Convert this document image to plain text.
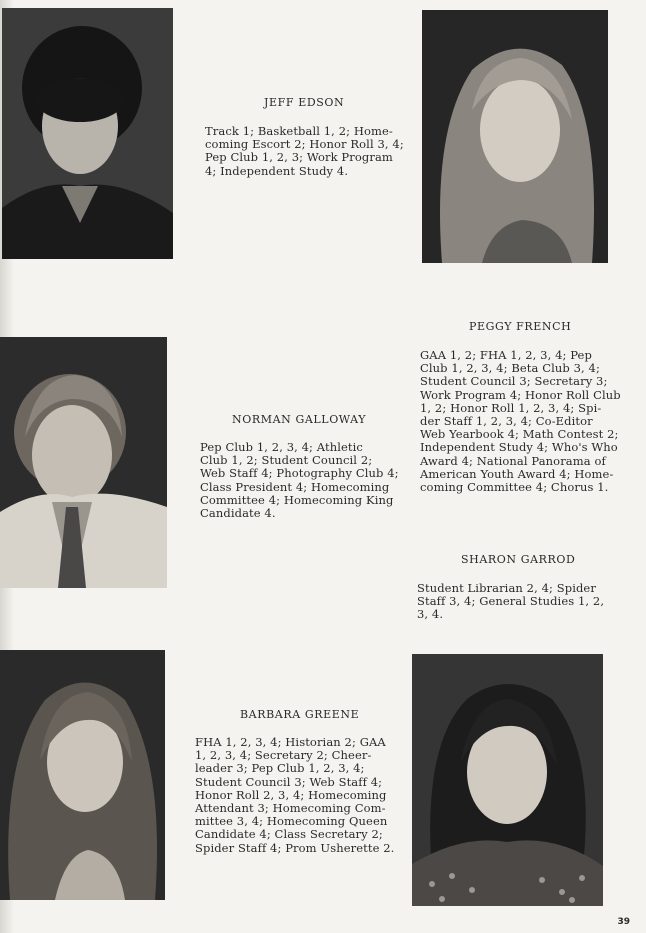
JEFF EDSON
Track 1; Basketball 1, 2; Home-
coming Escort 2; Honor Roll 3, 4;
Pep Club 1, 2, 3; Work Program
4; Independent Study 4.
PEGGY FRENCH
GAA 1, 2; FHA 1, 2, 3, 4; Pep
Club 1, 2, 3, 4; Beta Club 3, 4;
Student Council 3; Secretary 3;
Work Program 4; Honor Roll Club
1, 2; Honor Roll 1, 2, 3, 4; Spi-
der Staff 1, 2, 3, 4; Co-Editor
Web Yearbook 4; Math Contest 2;
Independent Study 4; Who's Who
Award 4; National Panorama of
American Youth Award 4; Home-
coming Committee 4; Chorus 1.
NORMAN GALLOWAY
Pep Club 1, 2, 3, 4; Athletic
Club 1, 2; Student Council 2;
Web Staff 4; Photography Club 4;
Class President 4; Homecoming
Committee 4; Homecoming King
Candidate 4.
SHARON GARROD
Student Librarian 2, 4; Spider
Staff 3, 4; General Studies 1, 2,
3, 4.
BARBARA GREENE
FHA 1, 2, 3, 4; Historian 2; GAA
1, 2, 3, 4; Secretary 2; Cheer-
leader 3; Pep Club 1, 2, 3, 4;
Student Council 3; Web Staff 4;
Honor Roll 2, 3, 4; Homecoming
Attendant 3; Homecoming Com-
mittee 3, 4; Homecoming Queen
Candidate 4; Class Secretary 2;
Spider Staff 4; Prom Usherette 2.
39
